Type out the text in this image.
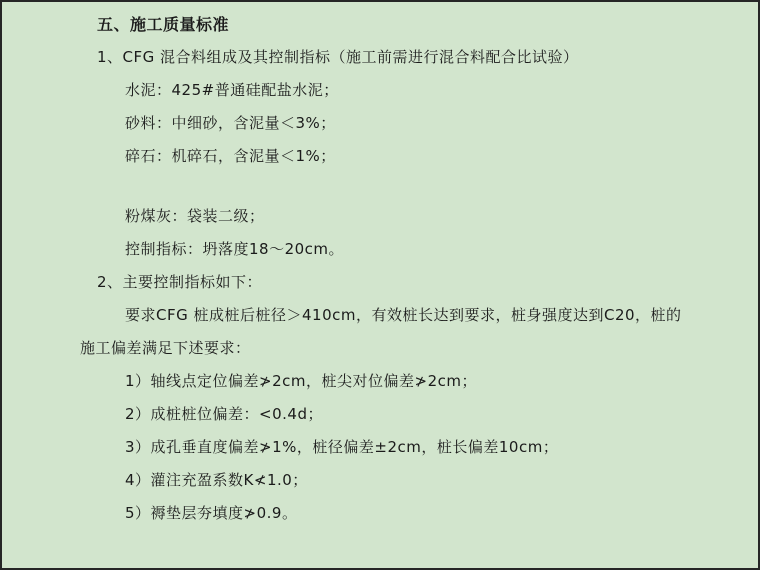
五、施工质量标准
1、CFG 混合料组成及其控制指标（施工前需进行混合料配合比试验）
水泥：425#普通硅配盐水泥；
砂料：中细砂，含泥量＜3%；
碎石：机碎石，含泥量＜1%；
粉煤灰：袋装二级；
控制指标：坍落度18～20cm。
2、主要控制指标如下：
要求CFG 桩成桩后桩径＞410cm，有效桩长达到要求，桩身强度达到C20，桩的
施工偏差满足下述要求：
1）轴线点定位偏差≯2cm，桩尖对位偏差≯2cm；
2）成桩桩位偏差：<0.4d；
3）成孔垂直度偏差≯1%，桩径偏差±2cm，桩长偏差10cm；
4）灌注充盈系数K≮1.0；
5）褥垫层夯填度≯0.9。
